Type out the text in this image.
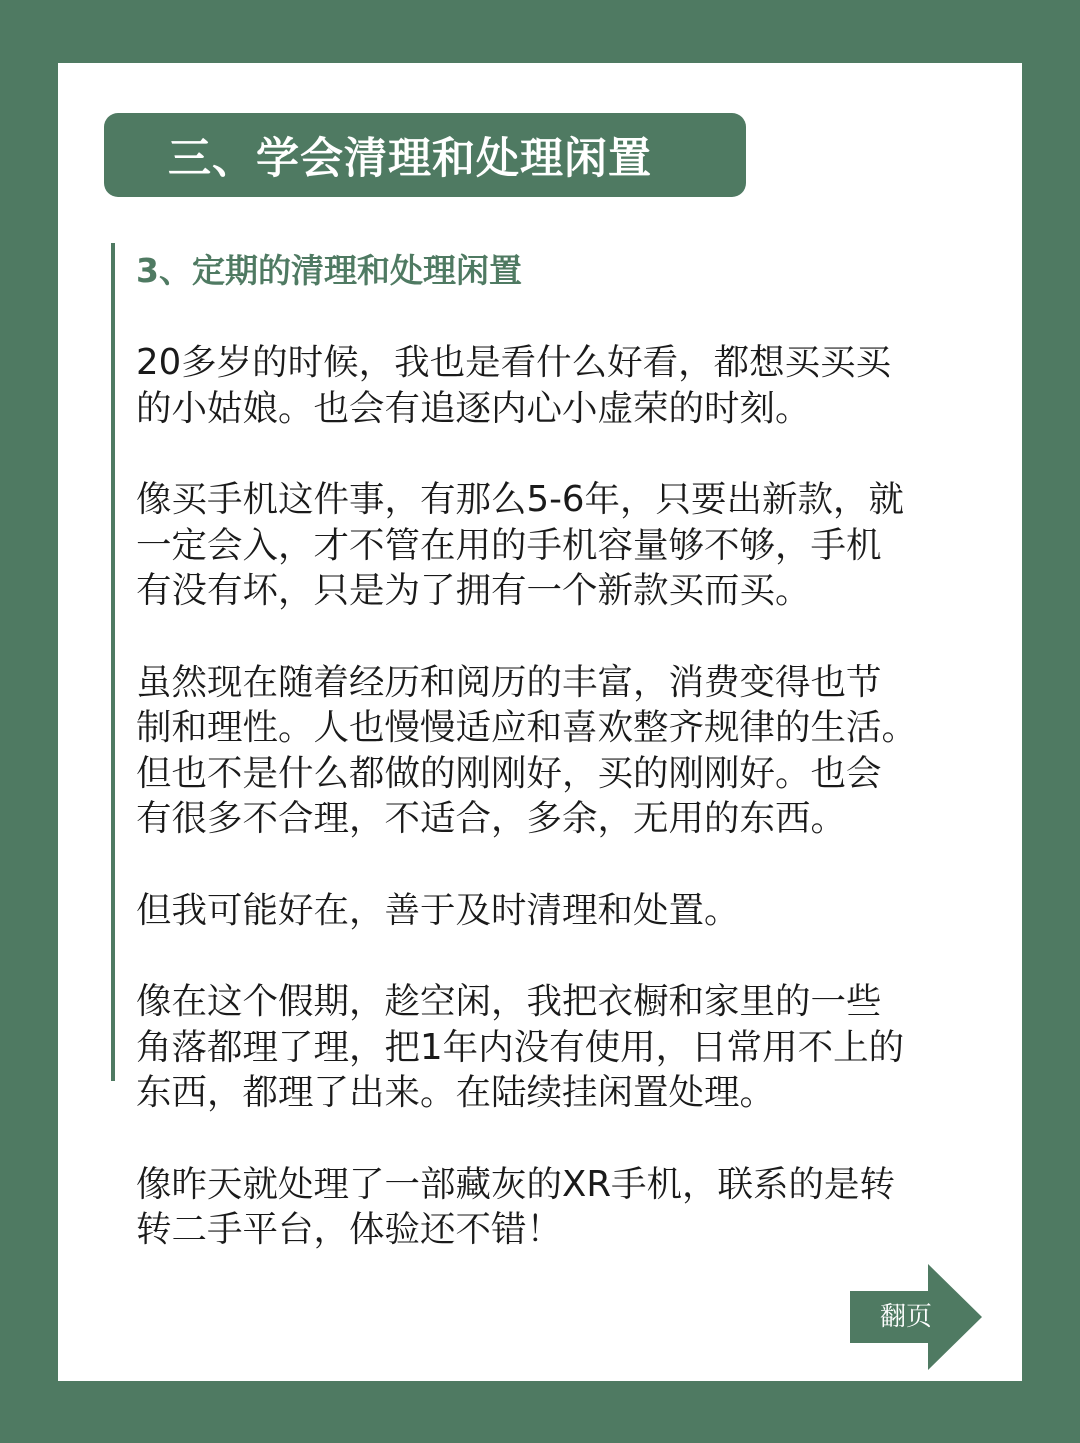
三、学会清理和处理闲置
3、定期的清理和处理闲置
20多岁的时候，我也是看什么好看，都想买买买
的小姑娘。也会有追逐内心小虚荣的时刻。
像买手机这件事，有那么5-6年，只要出新款，就
一定会入，才不管在用的手机容量够不够，手机
有没有坏，只是为了拥有一个新款买而买。
虽然现在随着经历和阅历的丰富，消费变得也节
制和理性。人也慢慢适应和喜欢整齐规律的生活。
但也不是什么都做的刚刚好，买的刚刚好。也会
有很多不合理，不适合，多余，无用的东西。
但我可能好在，善于及时清理和处置。
像在这个假期，趁空闲，我把衣橱和家里的一些
角落都理了理，把1年内没有使用，日常用不上的
东西，都理了出来。在陆续挂闲置处理。
像昨天就处理了一部藏灰的XR手机，联系的是转
转二手平台，体验还不错！
翻页
